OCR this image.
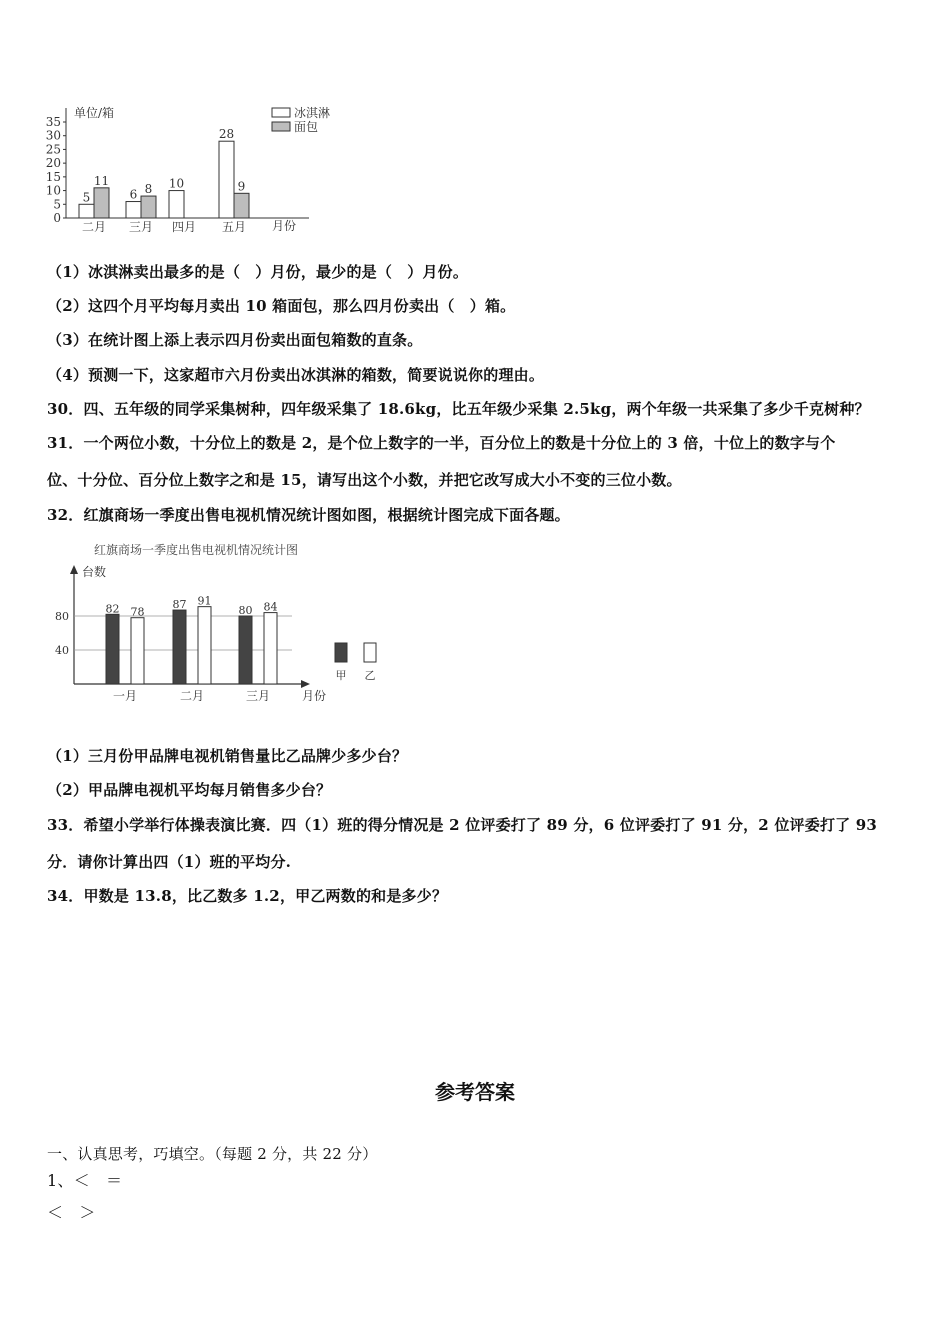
单位/箱
0
5
10
15
20
25
30
35
5
11
6 8 10
28
9
二月 三月 四月 五月 月份
冰淇淋
面包
红旗商场一季度出售电视机情况统计图
台数
40
80
82 78
87 91
80 84
一月	二月	三月	月份
甲 乙
（1）冰淇淋卖出最多的是（　）月份，最少的是（　）月份。
（2）这四个月平均每月卖出 10 箱面包，那么四月份卖出（　）箱。
（3）在统计图上添上表示四月份卖出面包箱数的直条。
（4）预测一下，这家超市六月份卖出冰淇淋的箱数，简要说说你的理由。
30．四、五年级的同学采集树种，四年级采集了 18.6kg，比五年级少采集 2.5kg，两个年级一共采集了多少千克树种？
31．一个两位小数，十分位上的数是 2，是个位上数字的一半，百分位上的数是十分位上的 3 倍，十位上的数字与个
位、十分位、百分位上数字之和是 15，请写出这个小数，并把它改写成大小不变的三位小数。
32．红旗商场一季度出售电视机情况统计图如图，根据统计图完成下面各题。
（1）三月份甲品牌电视机销售量比乙品牌少多少台？
（2）甲品牌电视机平均每月销售多少台？
33．希望小学举行体操表演比赛．四（1）班的得分情况是 2 位评委打了 89 分，6 位评委打了 91 分，2 位评委打了 93
分．请你计算出四（1）班的平均分.
34．甲数是 13.8，比乙数多 1.2，甲乙两数的和是多少？
参考答案
一、认真思考，巧填空。（每题 2 分，共 22 分）
1、＜　＝
＜　＞
